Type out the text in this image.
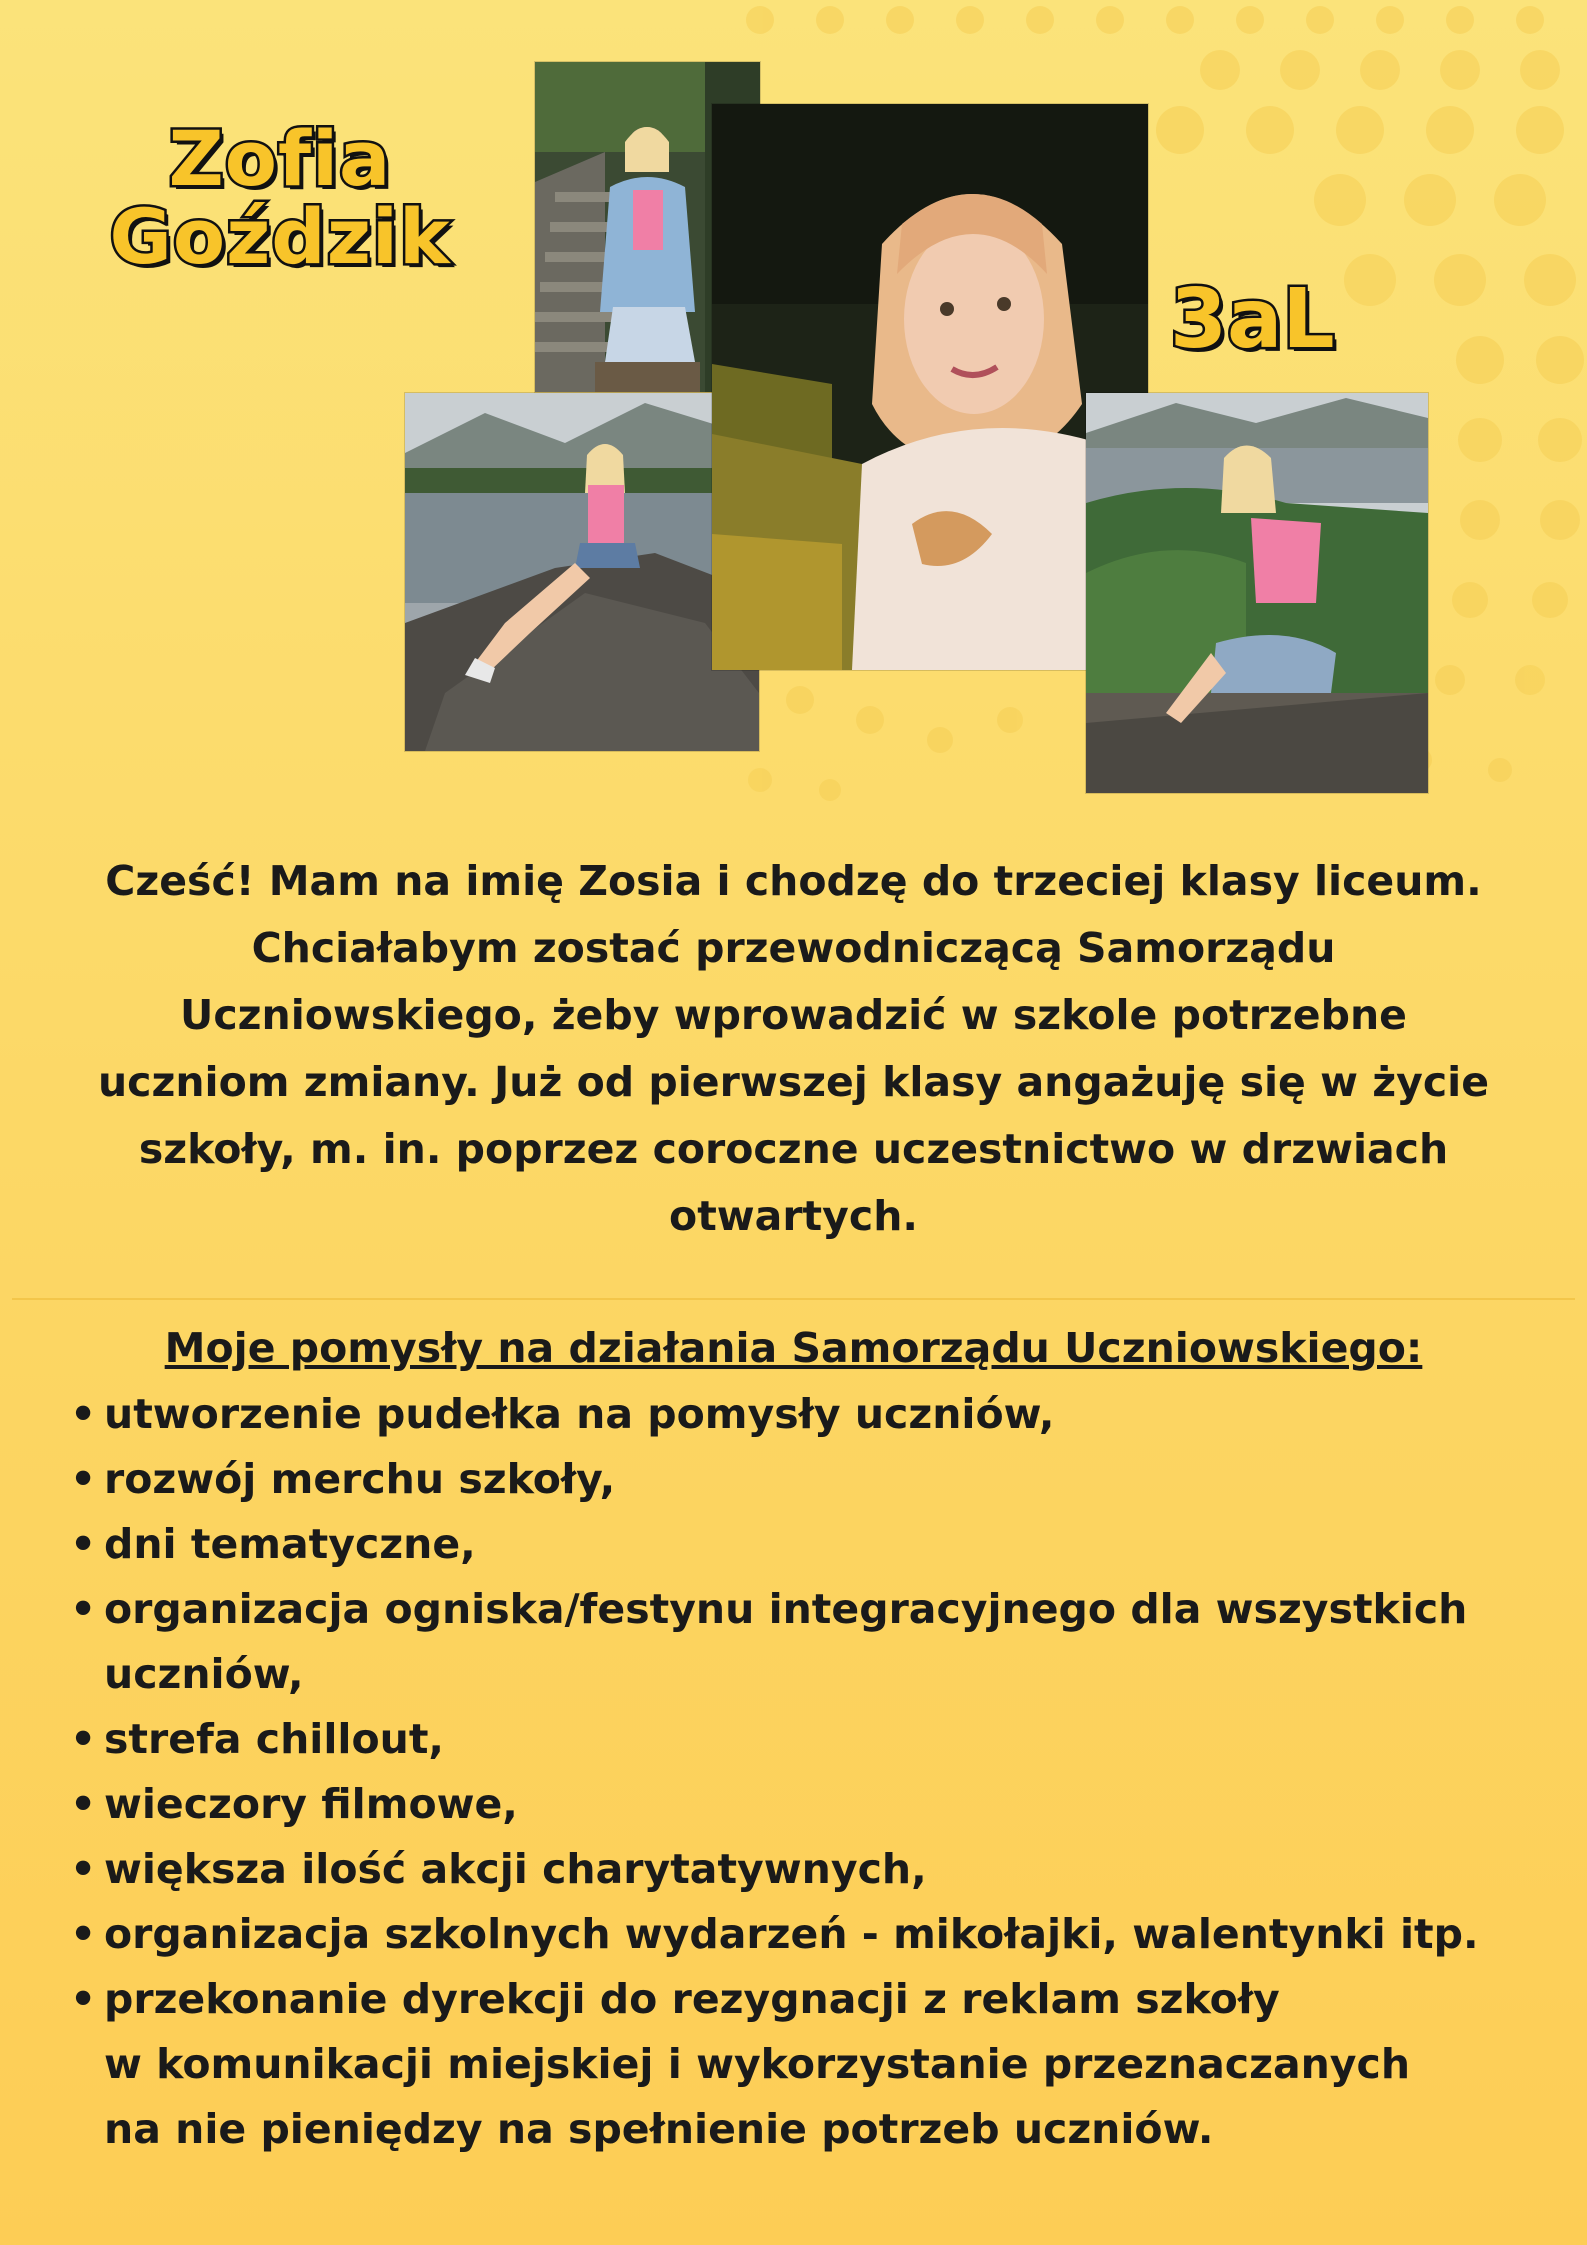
Zofia
Goździk
3aL
Cześć! Mam na imię Zosia i chodzę do trzeciej klasy liceum.
Chciałabym zostać przewodniczącą Samorządu
Uczniowskiego, żeby wprowadzić w szkole potrzebne
uczniom zmiany. Już od pierwszej klasy angażuję się w życie
szkoły, m. in. poprzez coroczne uczestnictwo w drzwiach
otwartych.
Moje pomysły na działania Samorządu Uczniowskiego:
• utworzenie pudełka na pomysły uczniów,
• rozwój merchu szkoły,
• dni tematyczne,
• organizacja ogniska/festynu integracyjnego dla wszystkich
uczniów,
• strefa chillout,
• wieczory filmowe,
• większa ilość akcji charytatywnych,
• organizacja szkolnych wydarzeń - mikołajki, walentynki itp.
• przekonanie dyrekcji do rezygnacji z reklam szkoły
w komunikacji miejskiej i wykorzystanie przeznaczanych
na nie pieniędzy na spełnienie potrzeb uczniów.
